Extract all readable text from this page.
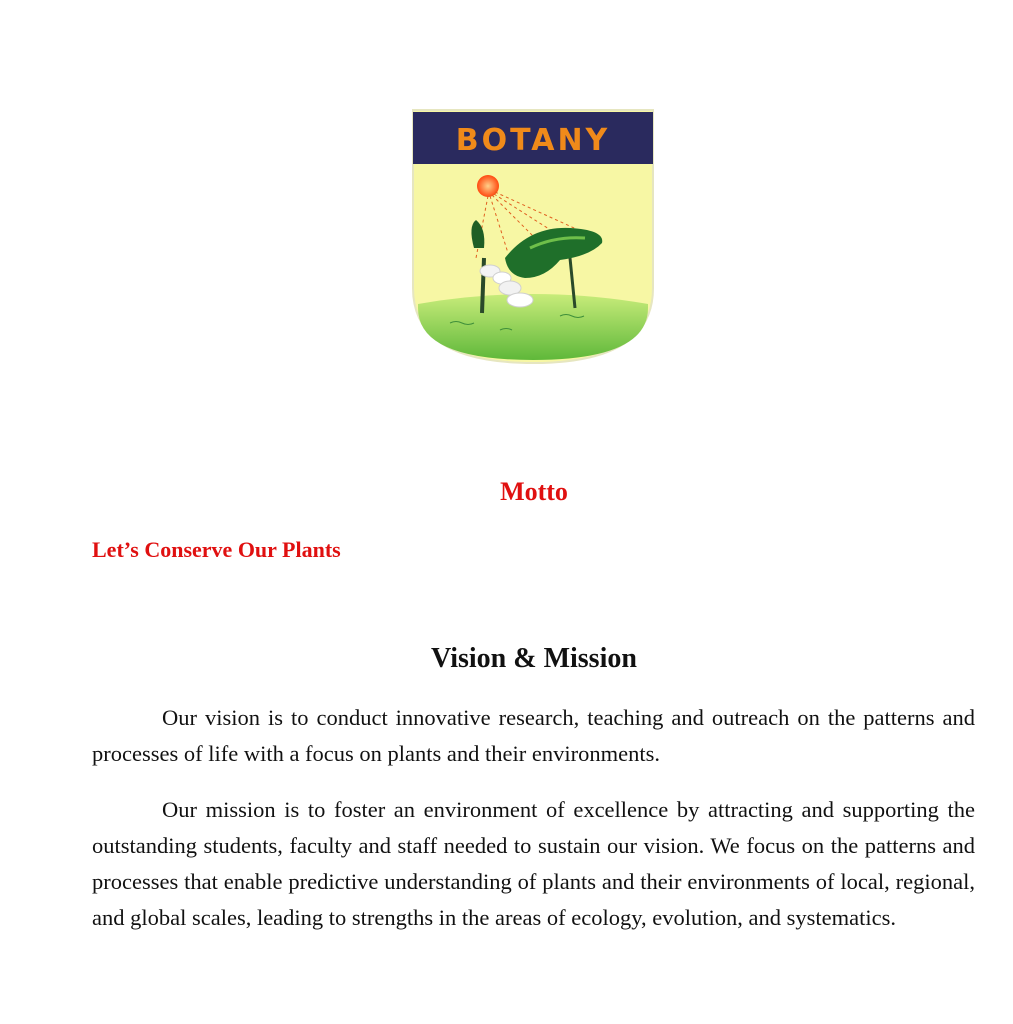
BOTANY
Motto
Let’s Conserve Our Plants
Vision & Mission

Our vision is to conduct innovative research, teaching and outreach on the patterns and processes of life with a focus on plants and their environments.

Our mission is to foster an environment of excellence by attracting and supporting the outstanding students, faculty and staff needed to sustain our vision. We focus on the patterns and processes that enable predictive understanding of plants and their environments of local, regional, and global scales, leading to strengths in the areas of ecology, evolution, and systematics.
